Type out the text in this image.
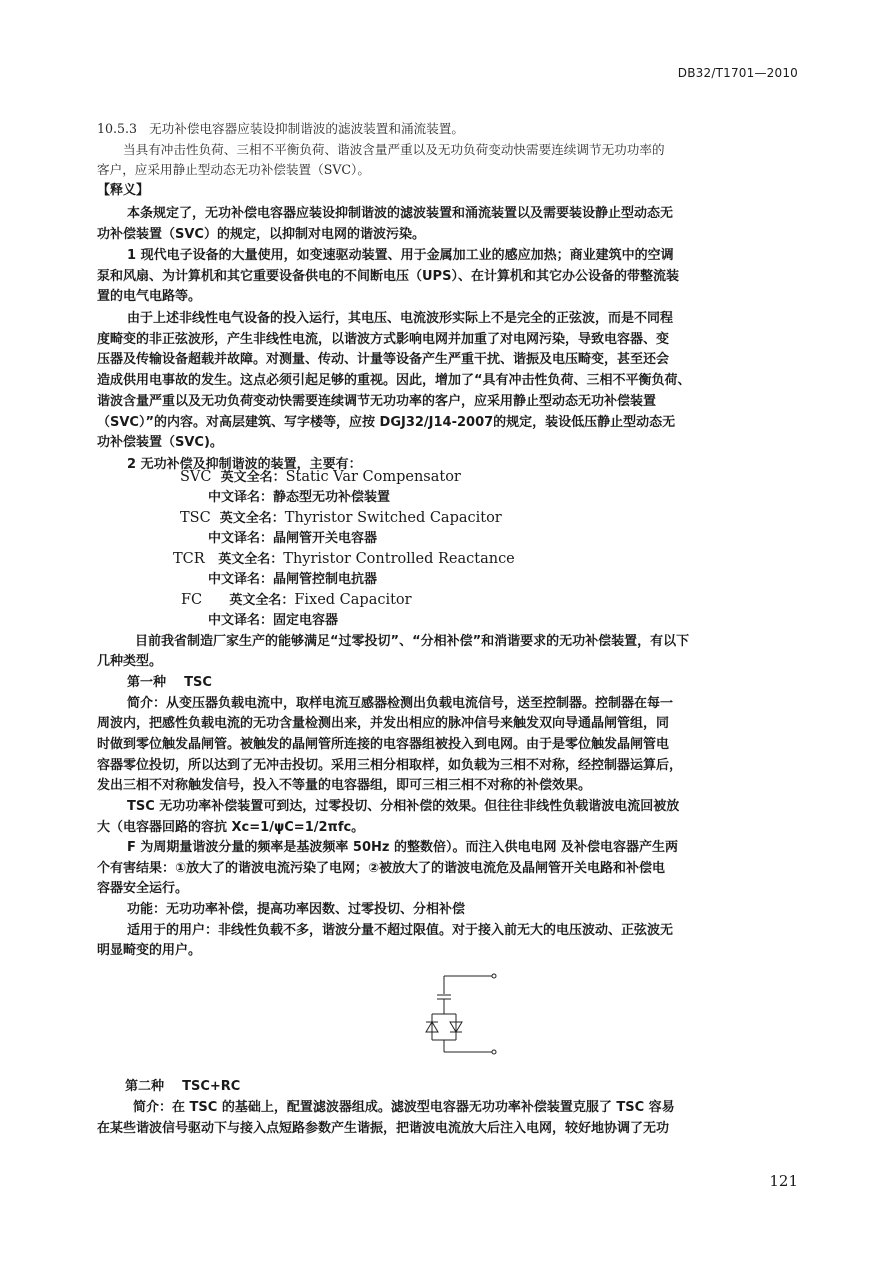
DB32/T1701—2010
10.5.3 无功补偿电容器应装设抑制谐波的滤波装置和涌流装置。
当具有冲击性负荷、三相不平衡负荷、谐波含量严重以及无功负荷变动快需要连续调节无功功率的
客户，应采用静止型动态无功补偿装置（SVC）。
【释义】
本条规定了，无功补偿电容器应装设抑制谐波的滤波装置和涌流装置以及需要装设静止型动态无
功补偿装置（SVC）的规定，以抑制对电网的谐波污染。
1 现代电子设备的大量使用，如变速驱动装置、用于金属加工业的感应加热；商业建筑中的空调
泵和风扇、为计算机和其它重要设备供电的不间断电压（UPS）、在计算机和其它办公设备的带整流装
置的电气电路等。
由于上述非线性电气设备的投入运行，其电压、电流波形实际上不是完全的正弦波，而是不同程
度畸变的非正弦波形，产生非线性电流，以谐波方式影响电网并加重了对电网污染，导致电容器、变
压器及传输设备超载并故障。对测量、传动、计量等设备产生严重干扰、谐振及电压畸变，甚至还会
造成供用电事故的发生。这点必须引起足够的重视。因此，增加了“具有冲击性负荷、三相不平衡负荷、
谐波含量严重以及无功负荷变动快需要连续调节无功功率的客户，应采用静止型动态无功补偿装置
（SVC）”的内容。对高层建筑、写字楼等，应按 DGJ32/J14-2007的规定，装设低压静止型动态无
功补偿装置（SVC)。
2 无功补偿及抑制谐波的装置，主要有：
SVC 英文全名：Static Var Compensator
中文译名：静态型无功补偿装置
TSC 英文全名：Thyristor Switched Capacitor
中文译名：晶闸管开关电容器
TCR 英文全名：Thyristor Controlled Reactance
中文译名：晶闸管控制电抗器
FC 英文全名：Fixed Capacitor
中文译名：固定电容器
目前我省制造厂家生产的能够满足“过零投切”、“分相补偿”和消谐要求的无功补偿装置，有以下
几种类型。
第一种    TSC
简介：从变压器负载电流中，取样电流互感器检测出负载电流信号，送至控制器。控制器在每一
周波内，把感性负载电流的无功含量检测出来，并发出相应的脉冲信号来触发双向导通晶闸管组，同
时做到零位触发晶闸管。被触发的晶闸管所连接的电容器组被投入到电网。由于是零位触发晶闸管电
容器零位投切，所以达到了无冲击投切。采用三相分相取样，如负载为三相不对称，经控制器运算后，
发出三相不对称触发信号，投入不等量的电容器组，即可三相三相不对称的补偿效果。
TSC 无功功率补偿装置可到达，过零投切、分相补偿的效果。但往往非线性负载谐波电流回被放
大（电容器回路的容抗 Xc=1/ψC=1/2πfc。
F 为周期量谐波分量的频率是基波频率 50Hz 的整数倍）。而注入供电电网 及补偿电容器产生两
个有害结果：①放大了的谐波电流污染了电网；②被放大了的谐波电流危及晶闸管开关电路和补偿电
容器安全运行。
功能：无功功率补偿，提高功率因数、过零投切、分相补偿
适用于的用户：非线性负载不多，谐波分量不超过限值。对于接入前无大的电压波动、正弦波无
明显畸变的用户。
第二种    TSC+RC
简介：在 TSC 的基础上，配置滤波器组成。滤波型电容器无功功率补偿装置克服了 TSC 容易
在某些谐波信号驱动下与接入点短路参数产生谐振，把谐波电流放大后注入电网，较好地协调了无功
121
